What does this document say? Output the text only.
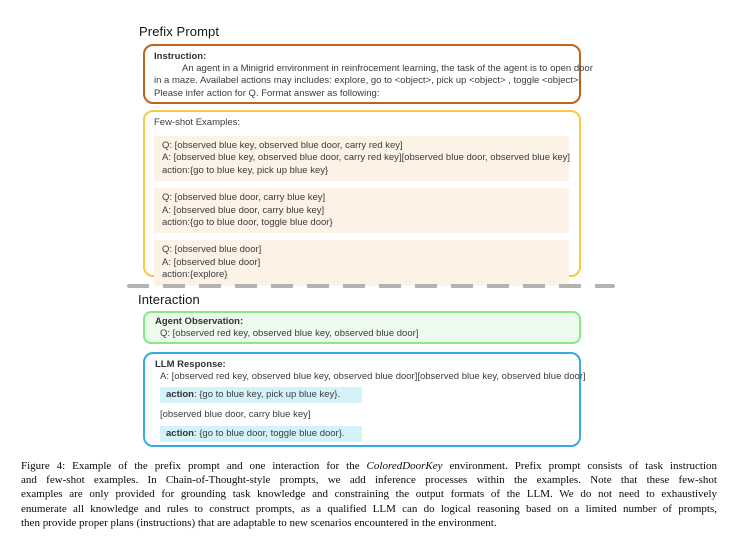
Prefix Prompt
Instruction:
An agent in a Minigrid environment in reinfrocement learning, the task of the agent is to open door
in a maze. Availabel actions may includes: explore, go to <object>, pick up <object> , toggle <object>.
Please infer action for Q. Format answer as following:
Few-shot Examples:
Q: [observed blue key, observed blue door, carry red key]
A: [observed blue key, observed blue door, carry red key][observed blue door, observed blue key]
action:{go to blue key, pick up blue key}
Q: [observed blue door, carry blue key]
A: [observed blue door, carry blue key]
action:{go to blue door, toggle blue door}
Q: [observed blue door]
A: [observed blue door]
action:{explore}
Interaction
Agent Observation:
Q: [observed red key, observed blue key, observed blue door]
LLM Response:
A: [observed red key, observed blue key, observed blue door][observed blue key, observed blue door]
action: {go to blue key, pick up blue key}.
[observed blue door, carry blue key]
action: {go to blue door, toggle blue door}.
Figure 4: Example of the prefix prompt and one interaction for the ColoredDoorKey environment. Prefix prompt consists of task instruction
and few-shot examples. In Chain-of-Thought-style prompts, we add inference processes within the examples. Note that these few-shot
examples are only provided for grounding task knowledge and constraining the output formats of the LLM. We do not need to exhaustively
enumerate all knowledge and rules to construct prompts, as a qualified LLM can do logical reasoning based on a limited number of prompts,
then provide proper plans (instructions) that are adaptable to new scenarios encountered in the environment.
